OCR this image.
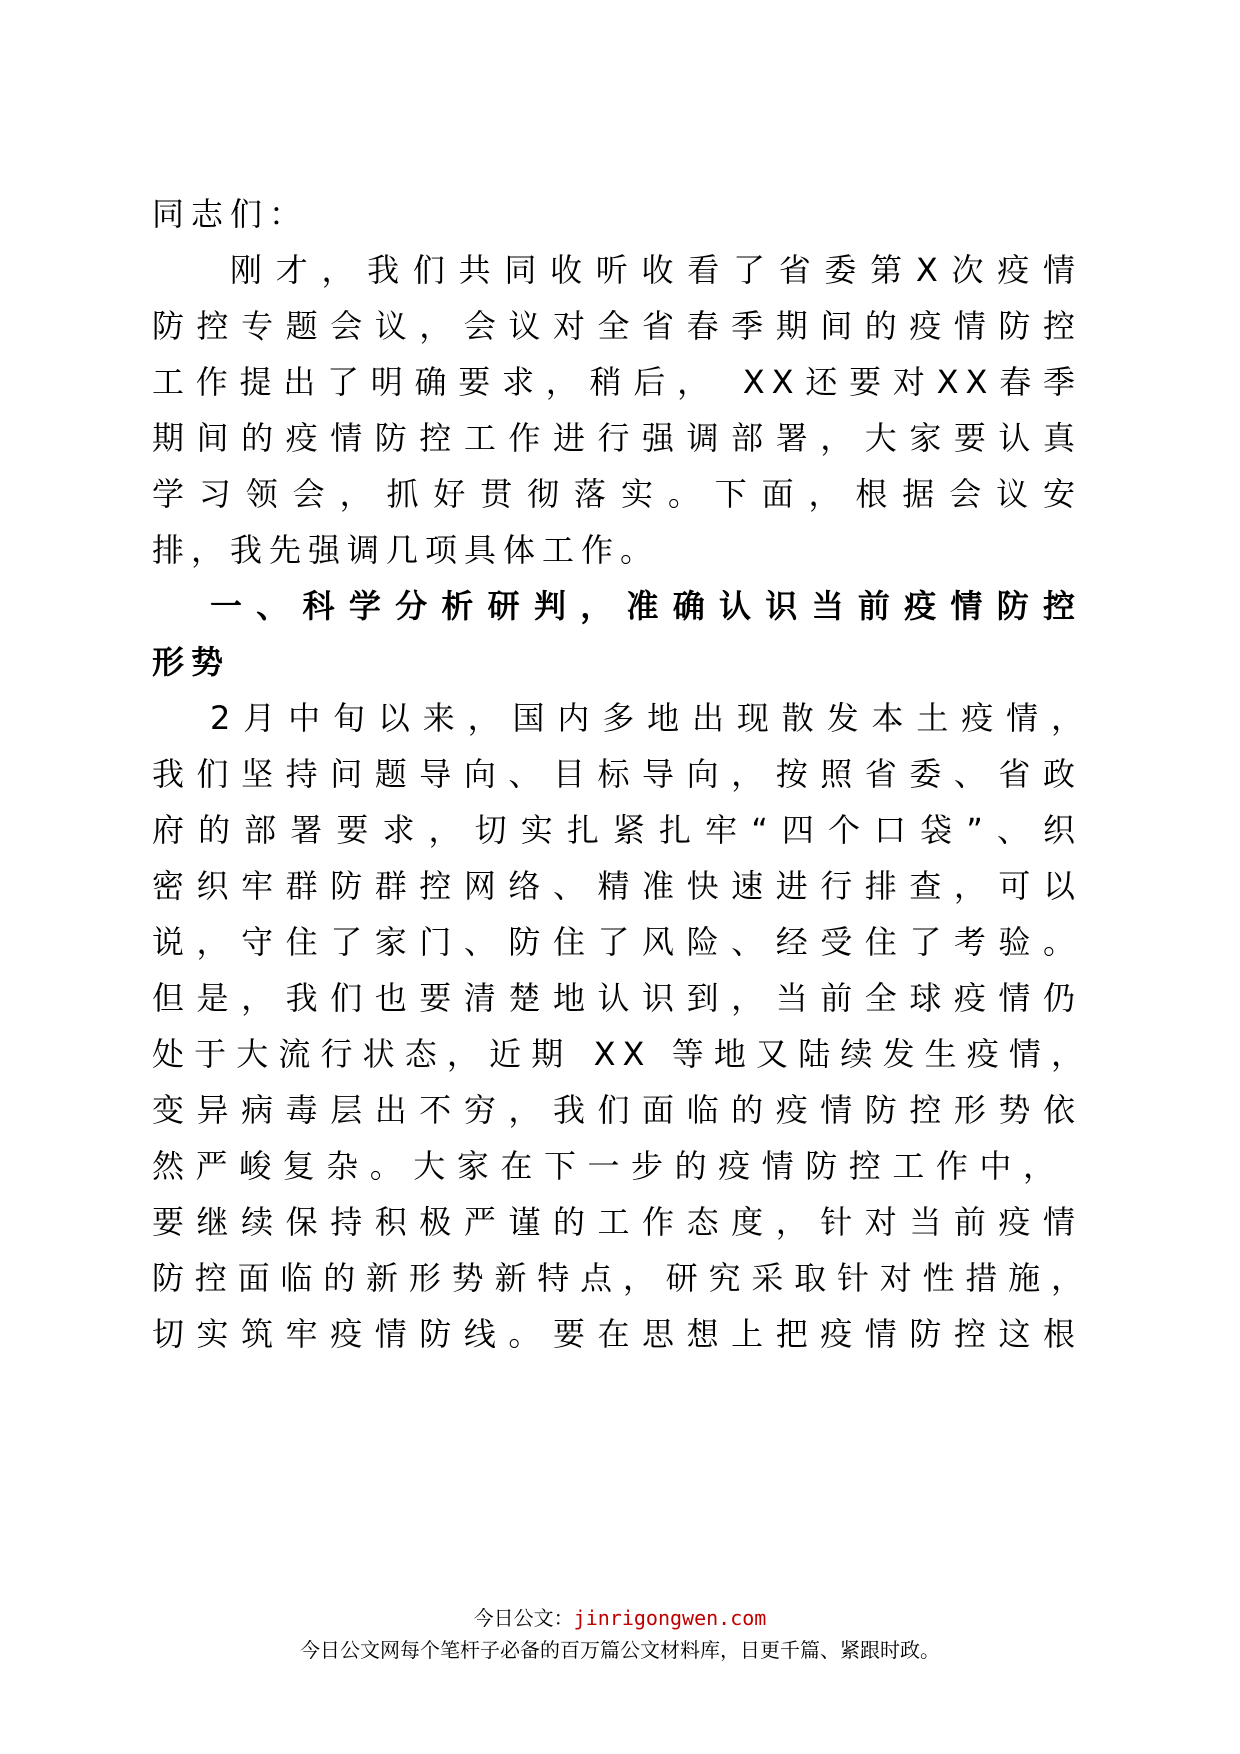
同志们：
刚才，我们共同收听收看了省委第X次疫情
防控专题会议，会议对全省春季期间的疫情防控
工作提出了明确要求，稍后， XX还要对XX春季
期间的疫情防控工作进行强调部署，大家要认真
学习领会，抓好贯彻落实。下面，根据会议安
排，我先强调几项具体工作。
一、科学分析研判，准确认识当前疫情防控
形势
2月中旬以来，国内多地出现散发本土疫情，
我们坚持问题导向、目标导向，按照省委、省政
府的部署要求，切实扎紧扎牢“四个口袋”、织
密织牢群防群控网络、精准快速进行排查，可以
说，守住了家门、防住了风险、经受住了考验。
但是，我们也要清楚地认识到，当前全球疫情仍
处于大流行状态，近期 XX 等地又陆续发生疫情，
变异病毒层出不穷，我们面临的疫情防控形势依
然严峻复杂。大家在下一步的疫情防控工作中，
要继续保持积极严谨的工作态度，针对当前疫情
防控面临的新形势新特点，研究采取针对性措施，
切实筑牢疫情防线。要在思想上把疫情防控这根
今日公文：jinrigongwen.com
今日公文网每个笔杆子必备的百万篇公文材料库，日更千篇、紧跟时政。
